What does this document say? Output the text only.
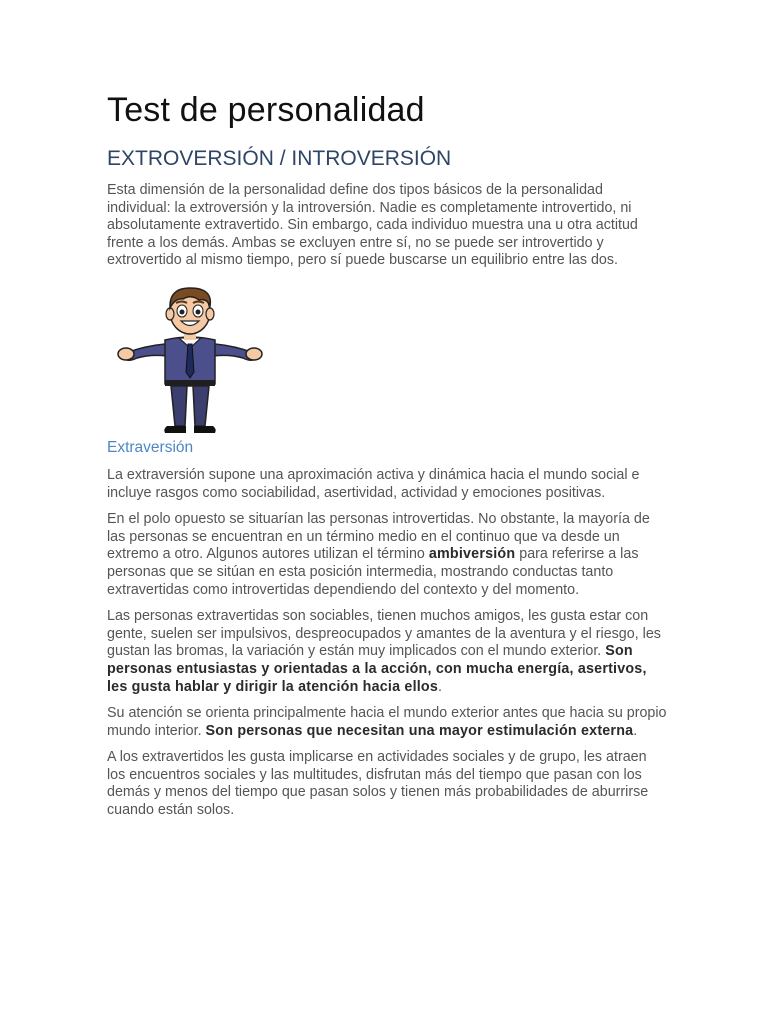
Test de personalidad
EXTROVERSIÓN / INTROVERSIÓN

Esta dimensión de la personalidad define dos tipos básicos de la personalidad individual: la extroversión y la introversión. Nadie es completamente introvertido, ni absolutamente extravertido. Sin embargo, cada individuo muestra una u otra actitud frente a los demás. Ambas se excluyen entre sí, no se puede ser introvertido y extrovertido al mismo tiempo, pero sí puede buscarse un equilibrio entre las dos.

Extraversión

La extraversión supone una aproximación activa y dinámica hacia el mundo social e incluye rasgos como sociabilidad, asertividad, actividad y emociones positivas.

En el polo opuesto se situarían las personas introvertidas. No obstante, la mayoría de las personas se encuentran en un término medio en el continuo que va desde un extremo a otro. Algunos autores utilizan el término ambiversión para referirse a las personas que se sitúan en esta posición intermedia, mostrando conductas tanto extravertidas como introvertidas dependiendo del contexto y del momento.

Las personas extravertidas son sociables, tienen muchos amigos, les gusta estar con gente, suelen ser impulsivos, despreocupados y amantes de la aventura y el riesgo, les gustan las bromas, la variación y están muy implicados con el mundo exterior. Son personas entusiastas y orientadas a la acción, con mucha energía, asertivos, les gusta hablar y dirigir la atención hacia ellos.

Su atención se orienta principalmente hacia el mundo exterior antes que hacia su propio mundo interior. Son personas que necesitan una mayor estimulación externa.

A los extravertidos les gusta implicarse en actividades sociales y de grupo, les atraen los encuentros sociales y las multitudes, disfrutan más del tiempo que pasan con los demás y menos del tiempo que pasan solos y tienen más probabilidades de aburrirse cuando están solos.
